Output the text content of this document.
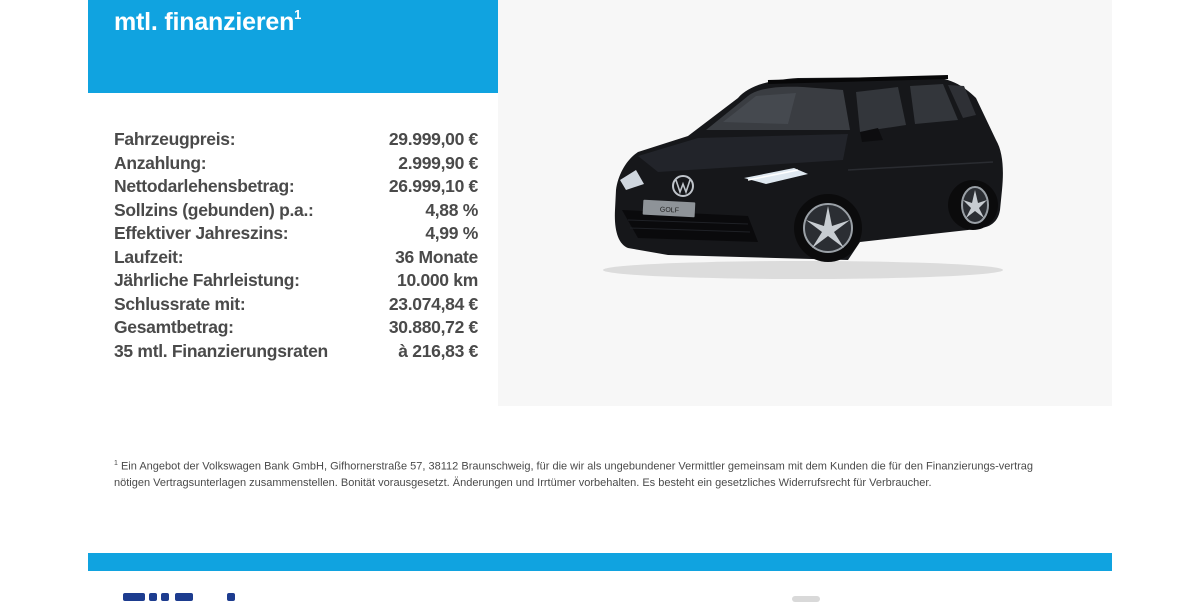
mtl. finanzieren$^1$
Fahrzeugpreis:	29.999,00 €
Anzahlung:	2.999,90 €
Nettodarlehensbetrag:	26.999,10 €
Sollzins (gebunden) p.a.:	4,88 %
Effektiver Jahreszins:	4,99 %
Laufzeit:	36 Monate
Jährliche Fahrleistung:	10.000 km
Schlussrate mit:	23.074,84 €
Gesamtbetrag:	30.880,72 €
35 mtl. Finanzierungsraten	à 216,83 €
GOLF
$^1$ Ein Angebot der Volkswagen Bank GmbH, Gifhornerstraße 57, 38112 Braunschweig, für die wir als ungebundener Vermittler gemeinsam mit dem Kunden die für den Finanzierungs-vertrag nötigen Vertragsunterlagen zusammenstellen. Bonität vorausgesetzt. Änderungen und Irrtümer vorbehalten. Es besteht ein gesetzliches Widerrufsrecht für Verbraucher.
